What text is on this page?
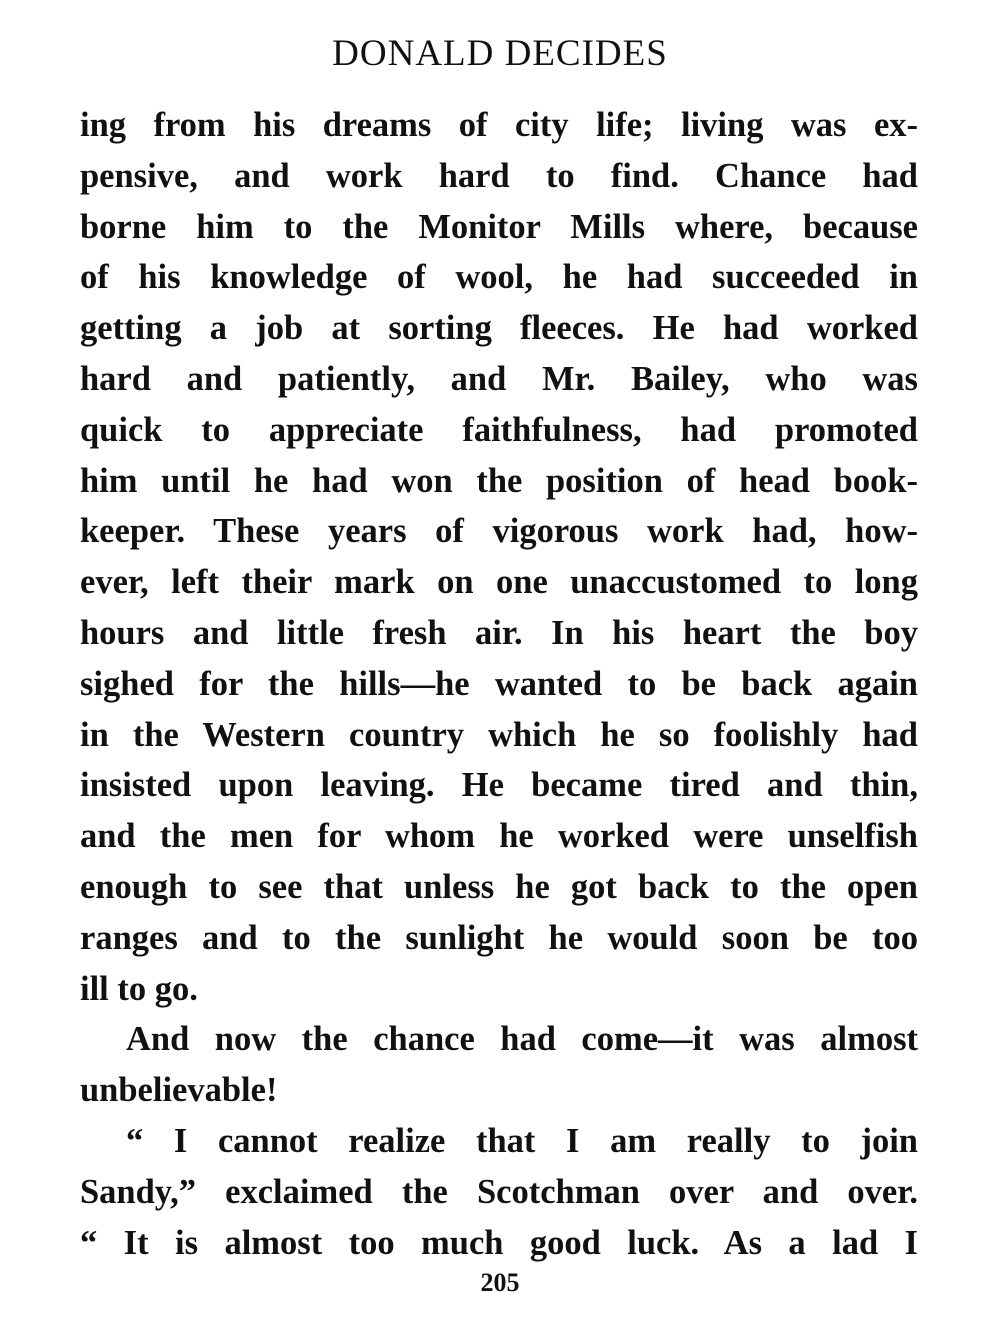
DONALD DECIDES

ing from his dreams of city life; living was ex-
pensive, and work hard to find. Chance had
borne him to the Monitor Mills where, because
of his knowledge of wool, he had succeeded in
getting a job at sorting fleeces. He had worked
hard and patiently, and Mr. Bailey, who was
quick to appreciate faithfulness, had promoted
him until he had won the position of head book-
keeper. These years of vigorous work had, how-
ever, left their mark on one unaccustomed to long
hours and little fresh air. In his heart the boy
sighed for the hills—he wanted to be back again
in the Western country which he so foolishly had
insisted upon leaving. He became tired and thin,
and the men for whom he worked were unselfish
enough to see that unless he got back to the open
ranges and to the sunlight he would soon be too
ill to go.

And now the chance had come—it was almost
unbelievable!

“ I cannot realize that I am really to join
Sandy,” exclaimed the Scotchman over and over.
“ It is almost too much good luck. As a lad I

205
